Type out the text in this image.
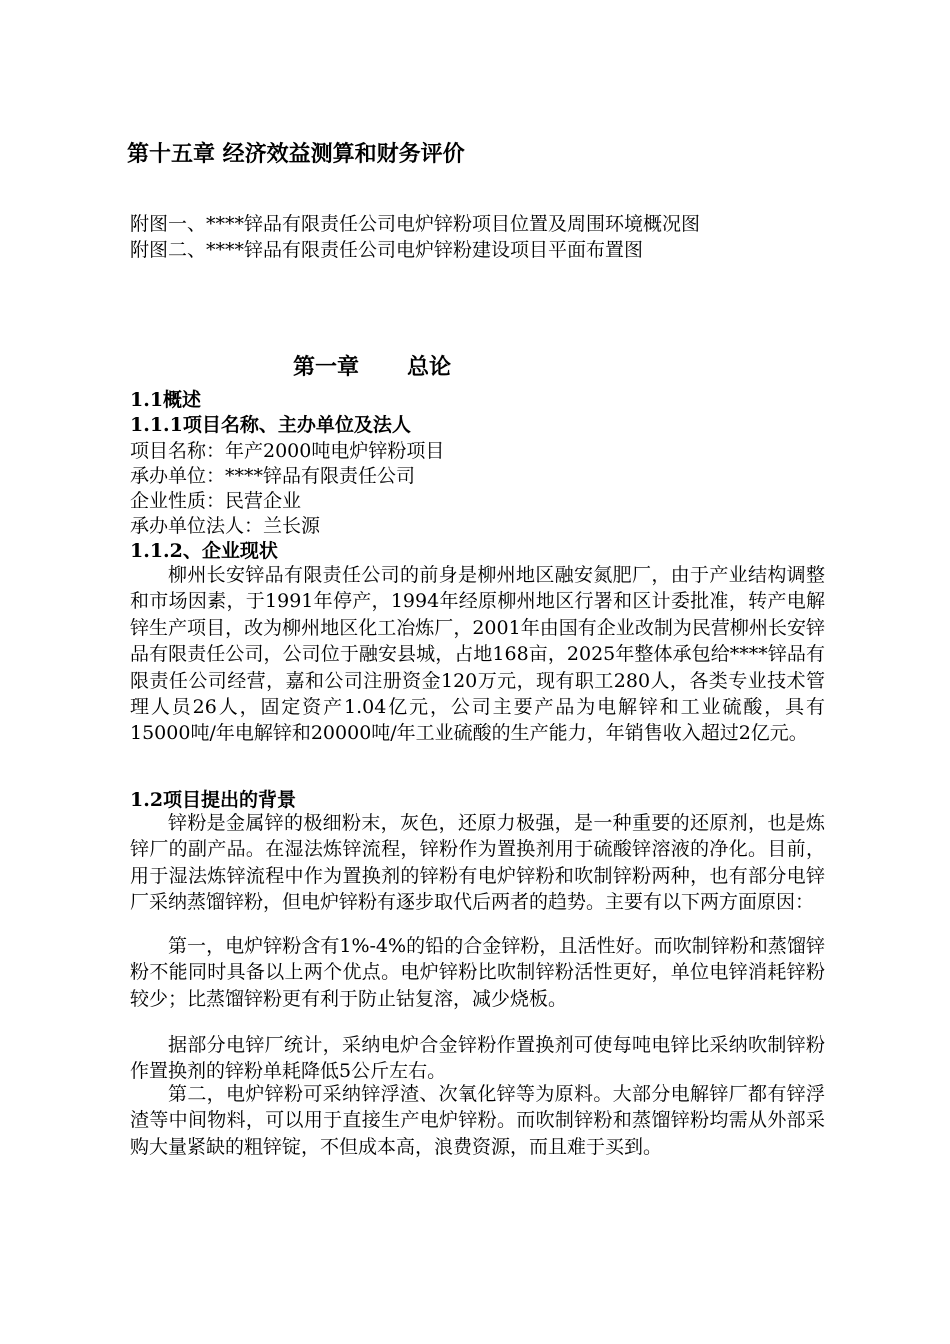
第十五章 经济效益测算和财务评价
附图一、****锌品有限责任公司电炉锌粉项目位置及周围环境概况图
附图二、****锌品有限责任公司电炉锌粉建设项目平面布置图
第一章 总论
1.1概述
1.1.1项目名称、主办单位及法人
项目名称：年产2000吨电炉锌粉项目
承办单位：****锌品有限责任公司
企业性质：民营企业
承办单位法人：兰长源
1.1.2、企业现状
柳州长安锌品有限责任公司的前身是柳州地区融安氮肥厂，由于产业结构调整和市场因素，于1991年停产，1994年经原柳州地区行署和区计委批准，转产电解锌生产项目，改为柳州地区化工冶炼厂，2001年由国有企业改制为民营柳州长安锌品有限责任公司，公司位于融安县城，占地168亩，2025年整体承包给****锌品有限责任公司经营，嘉和公司注册资金120万元，现有职工280人，各类专业技术管理人员26人，固定资产1.04亿元，公司主要产品为电解锌和工业硫酸，具有15000吨/年电解锌和20000吨/年工业硫酸的生产能力，年销售收入超过2亿元。
1.2项目提出的背景
锌粉是金属锌的极细粉末，灰色，还原力极强，是一种重要的还原剂，也是炼锌厂的副产品。在湿法炼锌流程，锌粉作为置换剂用于硫酸锌溶液的净化。目前，用于湿法炼锌流程中作为置换剂的锌粉有电炉锌粉和吹制锌粉两种，也有部分电锌厂采纳蒸馏锌粉，但电炉锌粉有逐步取代后两者的趋势。主要有以下两方面原因：
第一，电炉锌粉含有1%-4%的铅的合金锌粉，且活性好。而吹制锌粉和蒸馏锌粉不能同时具备以上两个优点。电炉锌粉比吹制锌粉活性更好，单位电锌消耗锌粉较少；比蒸馏锌粉更有利于防止钴复溶，减少烧板。
据部分电锌厂统计，采纳电炉合金锌粉作置换剂可使每吨电锌比采纳吹制锌粉作置换剂的锌粉单耗降低5公斤左右。
第二，电炉锌粉可采纳锌浮渣、次氧化锌等为原料。大部分电解锌厂都有锌浮渣等中间物料，可以用于直接生产电炉锌粉。而吹制锌粉和蒸馏锌粉均需从外部采购大量紧缺的粗锌锭，不但成本高，浪费资源，而且难于买到。
